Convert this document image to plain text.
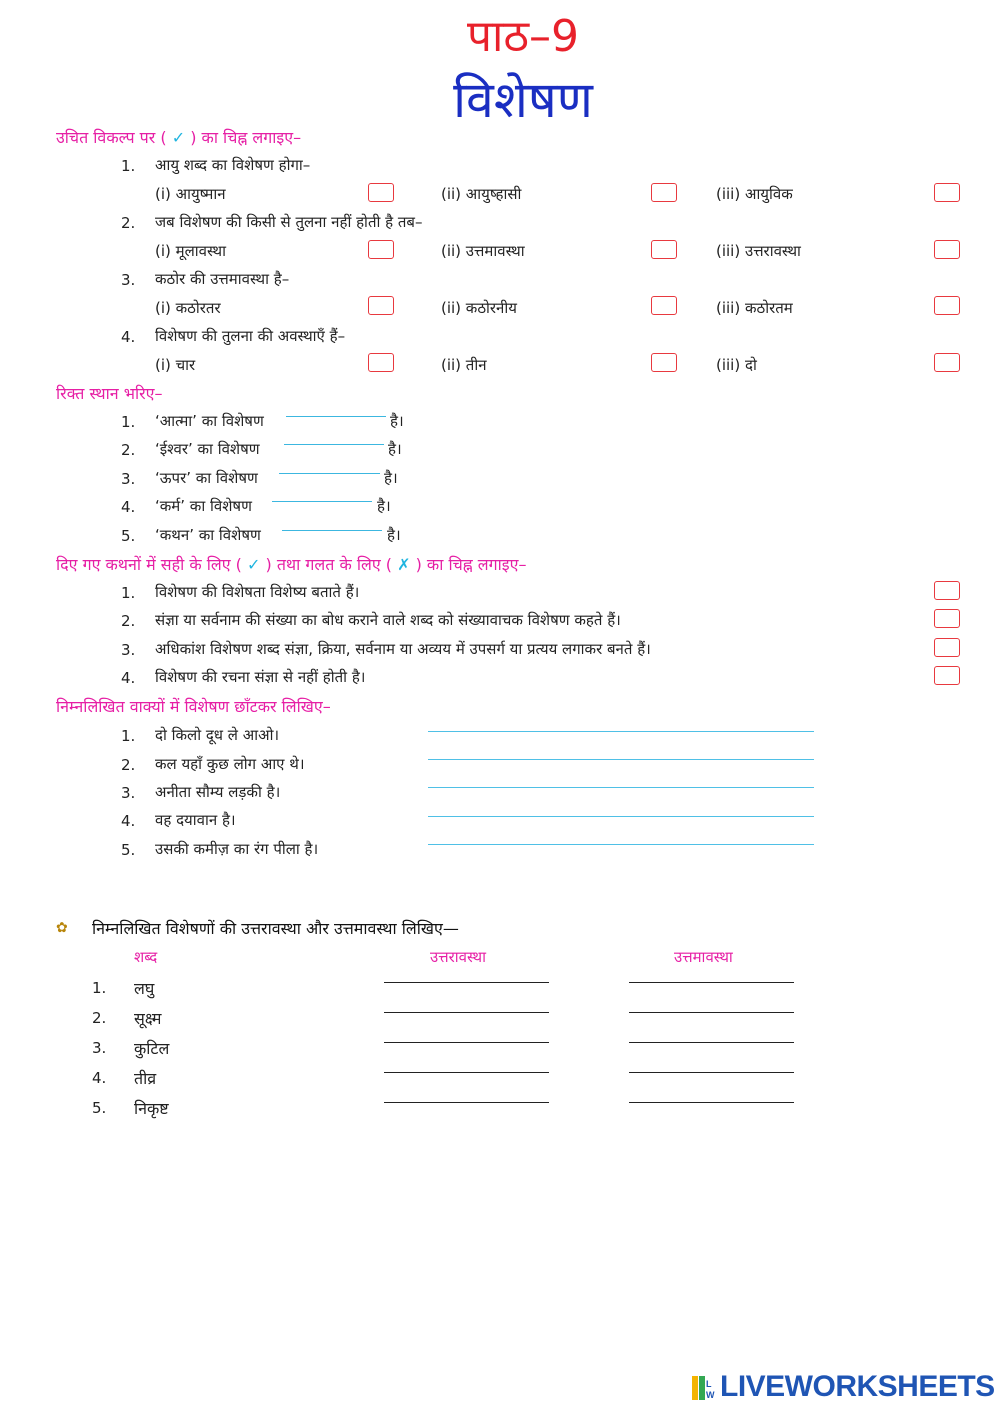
पाठ–9
विशेषण
उचित विकल्प पर ( ✓ ) का चिह्न लगाइए–
1. आयु शब्द का विशेषण होगा–
(i) आयुष्मान	(ii) आयुष्हासी	(iii) आयुविक
2. जब विशेषण की किसी से तुलना नहीं होती है तब–
(i) मूलावस्था	(ii) उत्तमावस्था	(iii) उत्तरावस्था
3. कठोर की उत्तमावस्था है–
(i) कठोरतर	(ii) कठोरनीय	(iii) कठोरतम
4. विशेषण की तुलना की अवस्थाएँ हैं–
(i) चार	(ii) तीन	(iii) दो
रिक्त स्थान भरिए–
1. ‘आत्मा’ का विशेषण	है।
2. ‘ईश्वर’ का विशेषण	है।
3. ‘ऊपर’ का विशेषण	है।
4. ‘कर्म’ का विशेषण	है।
5. ‘कथन’ का विशेषण	है।
दिए गए कथनों में सही के लिए ( ✓ ) तथा गलत के लिए ( ✗ ) का चिह्न लगाइए–
1. विशेषण की विशेषता विशेष्य बताते हैं।
2. संज्ञा या सर्वनाम की संख्या का बोध कराने वाले शब्द को संख्यावाचक विशेषण कहते हैं।
3. अधिकांश विशेषण शब्द संज्ञा, क्रिया, सर्वनाम या अव्यय में उपसर्ग या प्रत्यय लगाकर बनते हैं।
4. विशेषण की रचना संज्ञा से नहीं होती है।
निम्नलिखित वाक्यों में विशेषण छाँटकर लिखिए–
1. दो किलो दूध ले आओ।
2. कल यहाँ कुछ लोग आए थे।
3. अनीता सौम्य लड़की है।
4. वह दयावान है।
5. उसकी कमीज़ का रंग पीला है।
✿ निम्नलिखित विशेषणों की उत्तरावस्था और उत्तमावस्था लिखिए—
शब्द	उत्तरावस्था	उत्तमावस्था
1. लघु
2. सूक्ष्म
3. कुटिल
4. तीव्र
5. निकृष्ट
L
W LIVEWORKSHEETS
